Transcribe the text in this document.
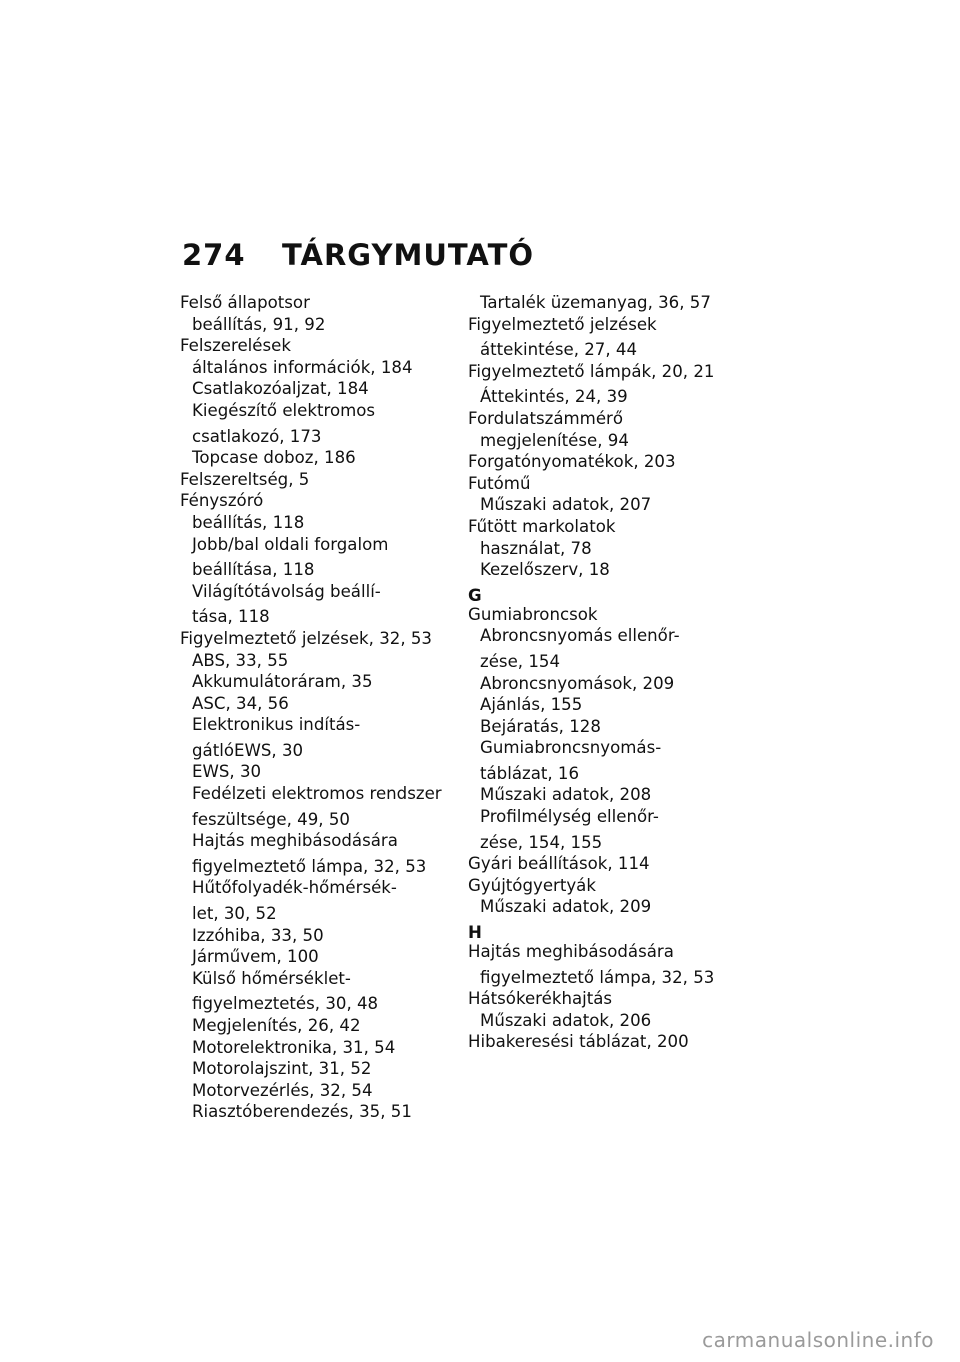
274	TÁRGYMUTATÓ
Felső állapotsor
beállítás, 91, 92
Felszerelések
általános információk, 184
Csatlakozóaljzat, 184
Kiegészítő elektromos
csatlakozó, 173
Topcase doboz, 186
Felszereltség, 5
Fényszóró
beállítás, 118
Jobb/bal oldali forgalom
beállítása, 118
Világítótávolság beállí-
tása, 118
Figyelmeztető jelzések, 32, 53
ABS, 33, 55
Akkumulátoráram, 35
ASC, 34, 56
Elektronikus indítás-
gátlóEWS, 30
EWS, 30
Fedélzeti elektromos rendszer
feszültsége, 49, 50
Hajtás meghibásodására
figyelmeztető lámpa, 32, 53
Hűtőfolyadék-hőmérsék-
let, 30, 52
Izzóhiba, 33, 50
Járművem, 100
Külső hőmérséklet-
figyelmeztetés, 30, 48
Megjelenítés, 26, 42
Motorelektronika, 31, 54
Motorolajszint, 31, 52
Motorvezérlés, 32, 54
Riasztóberendezés, 35, 51
Tartalék üzemanyag, 36, 57
Figyelmeztető jelzések
áttekintése, 27, 44
Figyelmeztető lámpák, 20, 21
Áttekintés, 24, 39
Fordulatszámmérő
megjelenítése, 94
Forgatónyomatékok, 203
Futómű
Műszaki adatok, 207
Fűtött markolatok
használat, 78
Kezelőszerv, 18
G
Gumiabroncsok
Abroncsnyomás ellenőr-
zése, 154
Abroncsnyomások, 209
Ajánlás, 155
Bejáratás, 128
Gumiabroncsnyomás-
táblázat, 16
Műszaki adatok, 208
Profilmélység ellenőr-
zése, 154, 155
Gyári beállítások, 114
Gyújtógyertyák
Műszaki adatok, 209
H
Hajtás meghibásodására
figyelmeztető lámpa, 32, 53
Hátsókerékhajtás
Műszaki adatok, 206
Hibakeresési táblázat, 200
carmanualsonline.info
